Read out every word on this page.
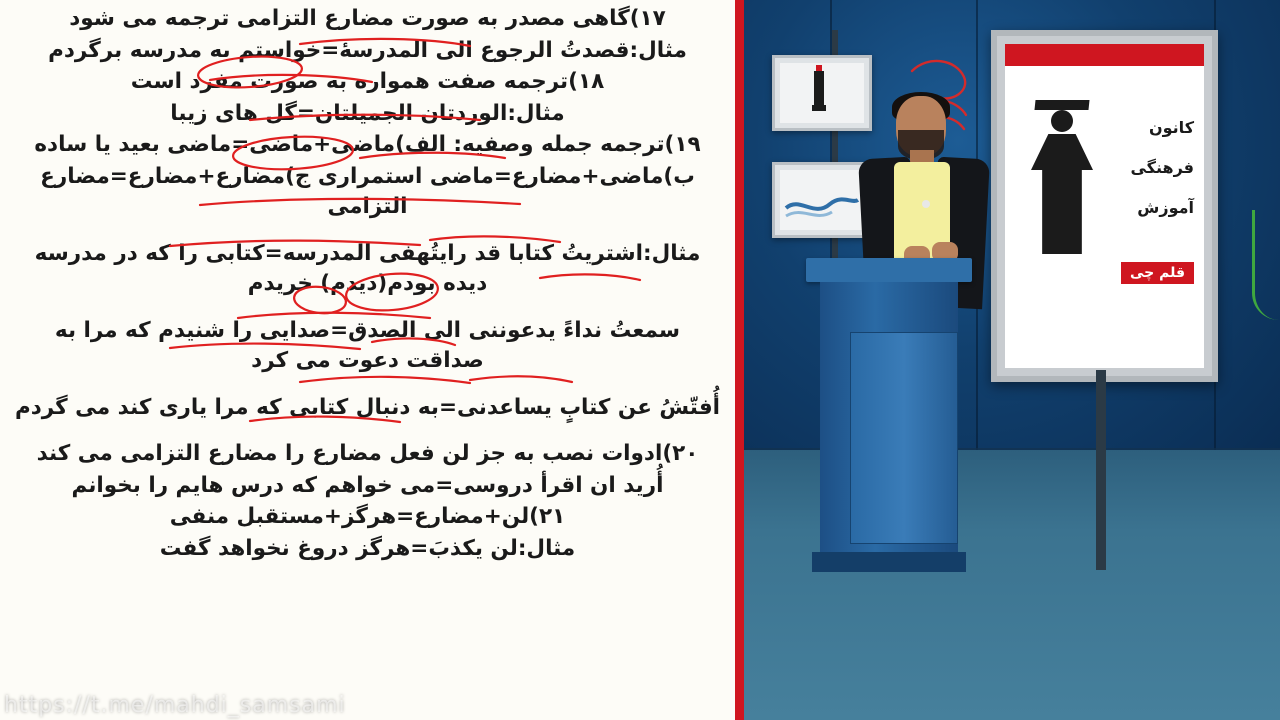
۱۷)گاهی مصدر به صورت مضارع التزامی ترجمه می شود
مثال:قصدتُ الرجوع الی المدرسهٔ=خواستم به مدرسه برگردم
۱۸)ترجمه صفت همواره به صورت مفرد است
مثال:الوردتان الجمیلتان=گل های زیبا
۱۹)ترجمه جمله وصفیه: الف)ماضی+ماضی=ماضی بعید یا ساده
ب)ماضی+مضارع=ماضی استمراری ج)مضارع+مضارع=مضارع التزامی
مثال:اشتریتُ کتابا قد رایتُهفی المدرسه=کتابی را که در مدرسه دیده بودم(دیدم) خریدم
سمعتُ نداءً یدعوننی الی الصدق=صدایی را شنیدم که مرا به صداقت دعوت می کرد
أُفتّشُ عن کتابٍ یساعدنی=به دنبال کتابی که مرا یاری کند می گردم
۲۰)ادوات نصب به جز لن فعل مضارع را مضارع التزامی می کند
أُرید ان اقرأ دروسی=می خواهم که درس هایم را بخوانم
۲۱)لن+مضارع=هرگز+مستقبل منفی
مثال:لن یکذبَ=هرگز دروغ نخواهد گفت
کانون
فرهنگی
آموزش
قلم چی
https://t.me/mahdi_samsami
